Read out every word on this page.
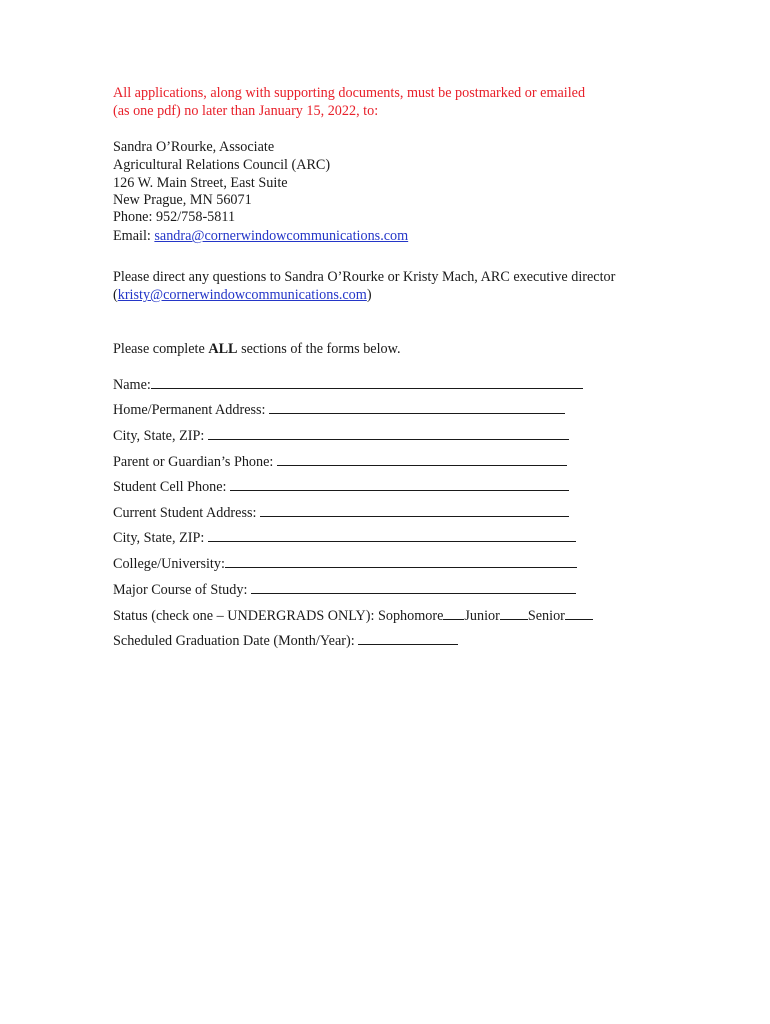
All applications, along with supporting documents, must be postmarked or emailed
(as one pdf) no later than January 15, 2022, to:
Sandra O’Rourke, Associate
Agricultural Relations Council (ARC)
126 W. Main Street, East Suite
New Prague, MN 56071
Phone: 952/758-5811
Email: sandra@cornerwindowcommunications.com
Please direct any questions to Sandra O’Rourke or Kristy Mach, ARC executive director
(kristy@cornerwindowcommunications.com)
Please complete ALL sections of the forms below.
Name:
Home/Permanent Address:
City, State, ZIP:
Parent or Guardian’s Phone:
Student Cell Phone:
Current Student Address:
City, State, ZIP:
College/University:
Major Course of Study:
Status (check one – UNDERGRADS ONLY): Sophomore Junior Senior
Scheduled Graduation Date (Month/Year):
